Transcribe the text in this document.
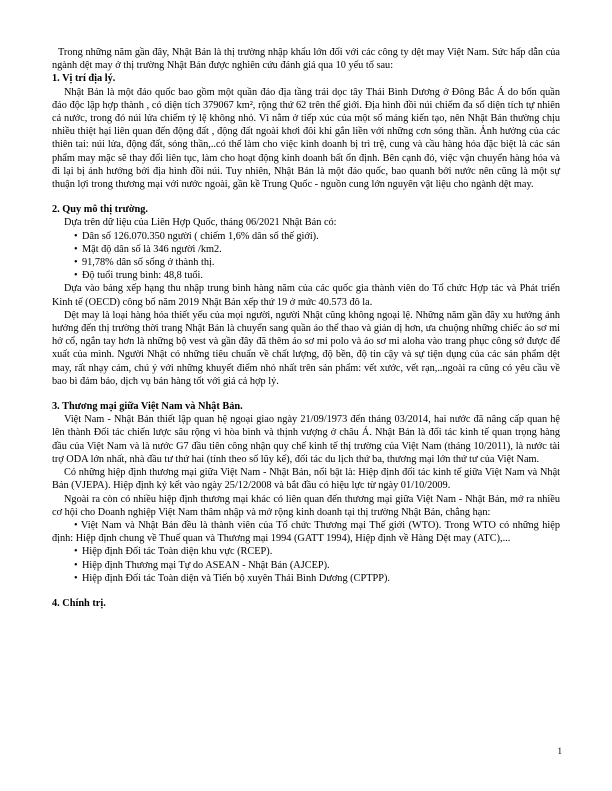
Trong những năm gần đây, Nhật Bản là thị trường nhập khẩu lớn đối với các công ty dệt may Việt Nam. Sức hấp dẫn của ngành dệt may ở thị trường Nhật Bản được nghiên cứu đánh giá qua 10 yếu tố sau:

1. Vị trí địa lý.

Nhật Bản là một đảo quốc bao gồm một quần đảo địa tầng trải dọc tây Thái Bình Dương ở Đông Bắc Á do bốn quần đảo độc lập hợp thành , có diện tích 379067 km², rộng thứ 62 trên thế giới. Địa hình đồi núi chiếm đa số diện tích tự nhiên cả nước, trong đó núi lửa chiếm tỷ lệ không nhỏ. Vì nằm ở tiếp xúc của một số mảng kiến tạo, nên Nhật Bản thường chịu nhiều thiệt hại liên quan đến động đất , động đất ngoài khơi đôi khi gắn liền với những cơn sóng thần. Ảnh hưởng của các thiên tai: núi lửa, động đất, sóng thần,..có thể làm cho việc kinh doanh bị trì trệ, cung và cầu hàng hóa đặc biệt là các sản phẩm may mặc sẽ thay đổi liên tục, làm cho hoạt động kinh doanh bất ổn định. Bên cạnh đó, việc vận chuyển hàng hóa và đi lại bị ảnh hưởng bởi địa hình đồi núi. Tuy nhiên, Nhật Bản là một đảo quốc, bao quanh bởi nước nên cũng là một sự thuận lợi trong thương mại với nước ngoài, gần kề Trung Quốc - nguồn cung lớn nguyên vật liệu cho ngành dệt may.

2. Quy mô thị trường.

Dựa trên dữ liệu của Liên Hợp Quốc, tháng 06/2021 Nhật Bản có:

• Dân số 126.070.350 người ( chiếm 1,6% dân số thế giới).
• Mật độ dân số là 346 người /km2.
• 91,78% dân số sống ở thành thị.
• Độ tuổi trung bình: 48,8 tuổi.

Dựa vào bảng xếp hạng thu nhập trung bình hàng năm của các quốc gia thành viên do Tổ chức Hợp tác và Phát triển Kinh tế (OECD) công bố năm 2019 Nhật Bản xếp thứ 19 ở mức 40.573 đô la.

Dệt may là loại hàng hóa thiết yếu của mọi người, người Nhật cũng không ngoại lệ. Những năm gần đây xu hướng ảnh hưởng đến thị trường thời trang Nhật Bản là chuyển sang quần áo thể thao và giản dị hơn, ưa chuộng những chiếc áo sơ mi hở cổ, ngắn tay hơn là những bộ vest và gần đây đã thêm áo sơ mi polo và áo sơ mi aloha vào trang phục công sở được để xuất của mình. Người Nhật có những tiêu chuẩn về chất lượng, độ bền, độ tin cậy và sự tiện dụng của các sản phẩm dệt may, rất nhạy cảm, chú ý với những khuyết điểm nhỏ nhất trên sản phẩm: vết xước, vết rạn,..ngoài ra cũng có yêu cầu về bao bì đảm bảo, dịch vụ bán hàng tốt với giá cả hợp lý.

3. Thương mại giữa Việt Nam và Nhật Bản.

Việt Nam - Nhật Bản thiết lập quan hệ ngoại giao ngày 21/09/1973 đến tháng 03/2014, hai nước đã nâng cấp quan hệ lên thành Đối tác chiến lược sâu rộng vì hòa bình và thịnh vượng ở châu Á. Nhật Bản là đối tác kinh tế quan trọng hàng đầu của Việt Nam và là nước G7 đầu tiên công nhận quy chế kinh tế thị trường của Việt Nam (tháng 10/2011), là nước tài trợ ODA lớn nhất, nhà đầu tư thứ hai (tính theo số lũy kế), đối tác du lịch thứ ba, thương mại lớn thứ tư của Việt Nam.

Có những hiệp định thương mại giữa Việt Nam - Nhật Bản, nổi bật là: Hiệp định đối tác kinh tế giữa Việt Nam và Nhật Bản (VJEPA). Hiệp định ký kết vào ngày 25/12/2008 và bắt đầu có hiệu lực từ ngày 01/10/2009.

Ngoài ra còn có nhiều hiệp định thương mại khác có liên quan đến thương mại giữa Việt Nam - Nhật Bản, mở ra nhiều cơ hội cho Doanh nghiệp Việt Nam thâm nhập và mở rộng kinh doanh tại thị trường Nhật Bản, chẳng hạn:

• Việt Nam và Nhật Bản đều là thành viên của Tổ chức Thương mại Thế giới (WTO). Trong WTO có những hiệp định: Hiệp định chung về Thuế quan và Thương mại 1994 (GATT 1994), Hiệp định về Hàng Dệt may (ATC),...

• Hiệp định Đối tác Toàn diện khu vực (RCEP).
• Hiệp định Thương mại Tự do ASEAN - Nhật Bản (AJCEP).
• Hiệp định Đối tác Toàn diện và Tiến bộ xuyên Thái Bình Dương (CPTPP).
4. Chính trị.
1
